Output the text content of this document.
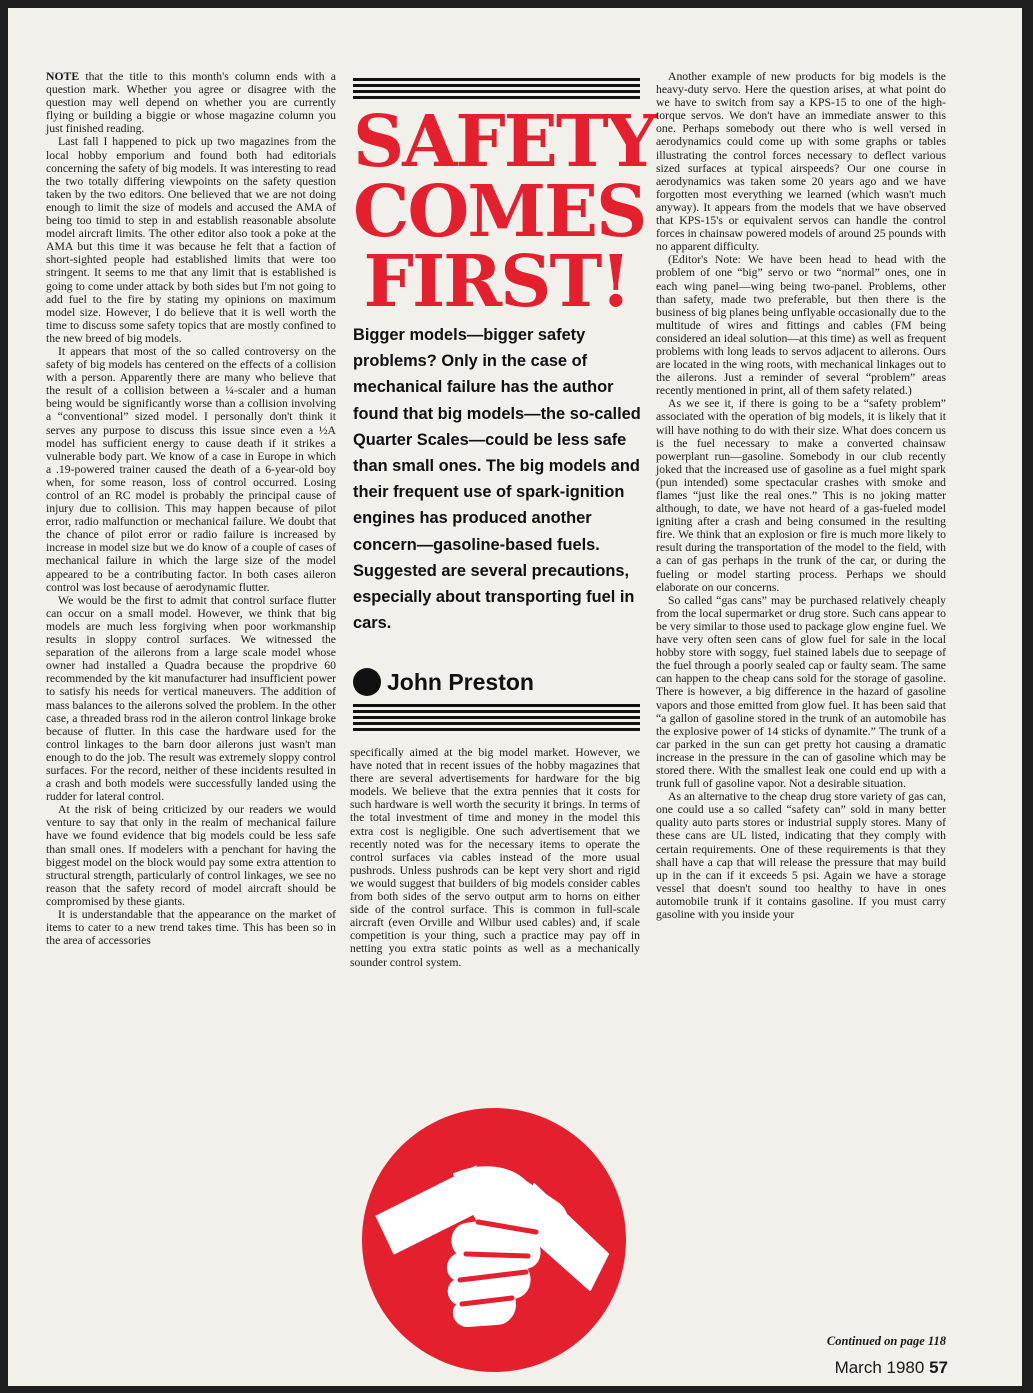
NOTE that the title to this month's column ends with a question mark. Whether you agree or disagree with the question may well depend on whether you are currently flying or building a biggie or whose magazine column you just finished reading.

Last fall I happened to pick up two magazines from the local hobby emporium and found both had editorials concerning the safety of big models. It was interesting to read the two totally differing viewpoints on the safety question taken by the two editors. One believed that we are not doing enough to limit the size of models and accused the AMA of being too timid to step in and establish reasonable absolute model aircraft limits. The other editor also took a poke at the AMA but this time it was because he felt that a faction of short-sighted people had established limits that were too stringent. It seems to me that any limit that is established is going to come under attack by both sides but I'm not going to add fuel to the fire by stating my opinions on maximum model size. However, I do believe that it is well worth the time to discuss some safety topics that are mostly confined to the new breed of big models.

It appears that most of the so called controversy on the safety of big models has centered on the effects of a collision with a person. Apparently there are many who believe that the result of a collision between a ¼-scaler and a human being would be significantly worse than a collision involving a “conventional” sized model. I personally don't think it serves any purpose to discuss this issue since even a ½A model has sufficient energy to cause death if it strikes a vulnerable body part. We know of a case in Europe in which a .19-powered trainer caused the death of a 6-year-old boy when, for some reason, loss of control occurred. Losing control of an RC model is probably the principal cause of injury due to collision. This may happen because of pilot error, radio malfunction or mechanical failure. We doubt that the chance of pilot error or radio failure is increased by increase in model size but we do know of a couple of cases of mechanical failure in which the large size of the model appeared to be a contributing factor. In both cases aileron control was lost because of aerodynamic flutter.

We would be the first to admit that control surface flutter can occur on a small model. However, we think that big models are much less forgiving when poor workmanship results in sloppy control surfaces. We witnessed the separation of the ailerons from a large scale model whose owner had installed a Quadra because the propdrive 60 recommended by the kit manufacturer had insufficient power to satisfy his needs for vertical maneuvers. The addition of mass balances to the ailerons solved the problem. In the other case, a threaded brass rod in the aileron control linkage broke because of flutter. In this case the hardware used for the control linkages to the barn door ailerons just wasn't man enough to do the job. The result was extremely sloppy control surfaces. For the record, neither of these incidents resulted in a crash and both models were successfully landed using the rudder for lateral control.

At the risk of being criticized by our readers we would venture to say that only in the realm of mechanical failure have we found evidence that big models could be less safe than small ones. If modelers with a penchant for having the biggest model on the block would pay some extra attention to structural strength, particularly of control linkages, we see no reason that the safety record of model aircraft should be compromised by these giants.

It is understandable that the appearance on the market of items to cater to a new trend takes time. This has been so in the area of accessories

SAFETY
COMES
FIRST!
Bigger models—bigger safety problems? Only in the case of mechanical failure has the author found that big models—the so-called Quarter Scales—could be less safe than small ones. The big models and their frequent use of spark-ignition engines has produced another concern—gasoline-based fuels. Suggested are several precautions, especially about transporting fuel in cars.
John Preston

specifically aimed at the big model market. However, we have noted that in recent issues of the hobby magazines that there are several advertisements for hardware for the big models. We believe that the extra pennies that it costs for such hardware is well worth the security it brings. In terms of the total investment of time and money in the model this extra cost is negligible. One such advertisement that we recently noted was for the necessary items to operate the control surfaces via cables instead of the more usual pushrods. Unless pushrods can be kept very short and rigid we would suggest that builders of big models consider cables from both sides of the servo output arm to horns on either side of the control surface. This is common in full-scale aircraft (even Orville and Wilbur used cables) and, if scale competition is your thing, such a practice may pay off in netting you extra static points as well as a mechanically sounder control system.

Another example of new products for big models is the heavy-duty servo. Here the question arises, at what point do we have to switch from say a KPS-15 to one of the high-torque servos. We don't have an immediate answer to this one. Perhaps somebody out there who is well versed in aerodynamics could come up with some graphs or tables illustrating the control forces necessary to deflect various sized surfaces at typical airspeeds? Our one course in aerodynamics was taken some 20 years ago and we have forgotten most everything we learned (which wasn't much anyway). It appears from the models that we have observed that KPS-15's or equivalent servos can handle the control forces in chainsaw powered models of around 25 pounds with no apparent difficulty.

(Editor's Note: We have been head to head with the problem of one “big” servo or two “normal” ones, one in each wing panel—wing being two-panel. Problems, other than safety, made two preferable, but then there is the business of big planes being unflyable occasionally due to the multitude of wires and fittings and cables (FM being considered an ideal solution—at this time) as well as frequent problems with long leads to servos adjacent to ailerons. Ours are located in the wing roots, with mechanical linkages out to the ailerons. Just a reminder of several “problem” areas recently mentioned in print, all of them safety related.)

As we see it, if there is going to be a “safety problem” associated with the operation of big models, it is likely that it will have nothing to do with their size. What does concern us is the fuel necessary to make a converted chainsaw powerplant run—gasoline. Somebody in our club recently joked that the increased use of gasoline as a fuel might spark (pun intended) some spectacular crashes with smoke and flames “just like the real ones.” This is no joking matter although, to date, we have not heard of a gas-fueled model igniting after a crash and being consumed in the resulting fire. We think that an explosion or fire is much more likely to result during the transportation of the model to the field, with a can of gas perhaps in the trunk of the car, or during the fueling or model starting process. Perhaps we should elaborate on our concerns.

So called “gas cans” may be purchased relatively cheaply from the local supermarket or drug store. Such cans appear to be very similar to those used to package glow engine fuel. We have very often seen cans of glow fuel for sale in the local hobby store with soggy, fuel stained labels due to seepage of the fuel through a poorly sealed cap or faulty seam. The same can happen to the cheap cans sold for the storage of gasoline. There is however, a big difference in the hazard of gasoline vapors and those emitted from glow fuel. It has been said that “a gallon of gasoline stored in the trunk of an automobile has the explosive power of 14 sticks of dynamite.” The trunk of a car parked in the sun can get pretty hot causing a dramatic increase in the pressure in the can of gasoline which may be stored there. With the smallest leak one could end up with a trunk full of gasoline vapor. Not a desirable situation.

As an alternative to the cheap drug store variety of gas can, one could use a so called “safety can” sold in many better quality auto parts stores or industrial supply stores. Many of these cans are UL listed, indicating that they comply with certain requirements. One of these requirements is that they shall have a cap that will release the pressure that may build up in the can if it exceeds 5 psi. Again we have a storage vessel that doesn't sound too healthy to have in ones automobile trunk if it contains gasoline. If you must carry gasoline with you inside your

Continued on page 118
March 1980 57
